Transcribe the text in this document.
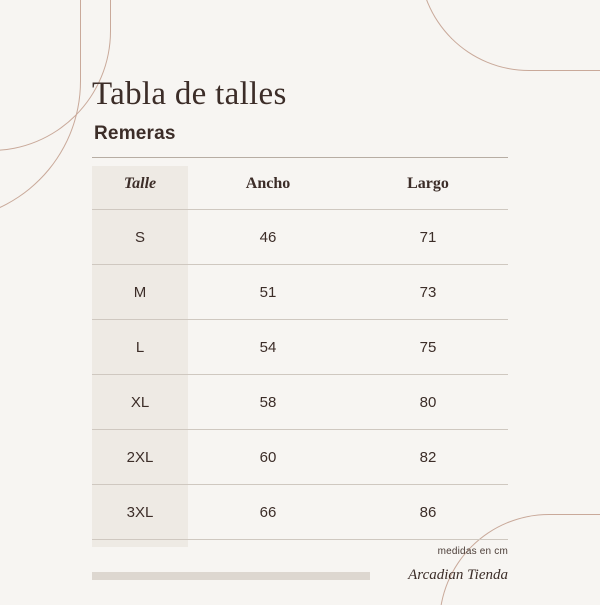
Tabla de talles
Remeras
Talle	Ancho	Largo
S	46	71
M	51	73
L	54	75
XL	58	80
2XL	60	82
3XL	66	86
medidas en cm
Arcadian Tienda
